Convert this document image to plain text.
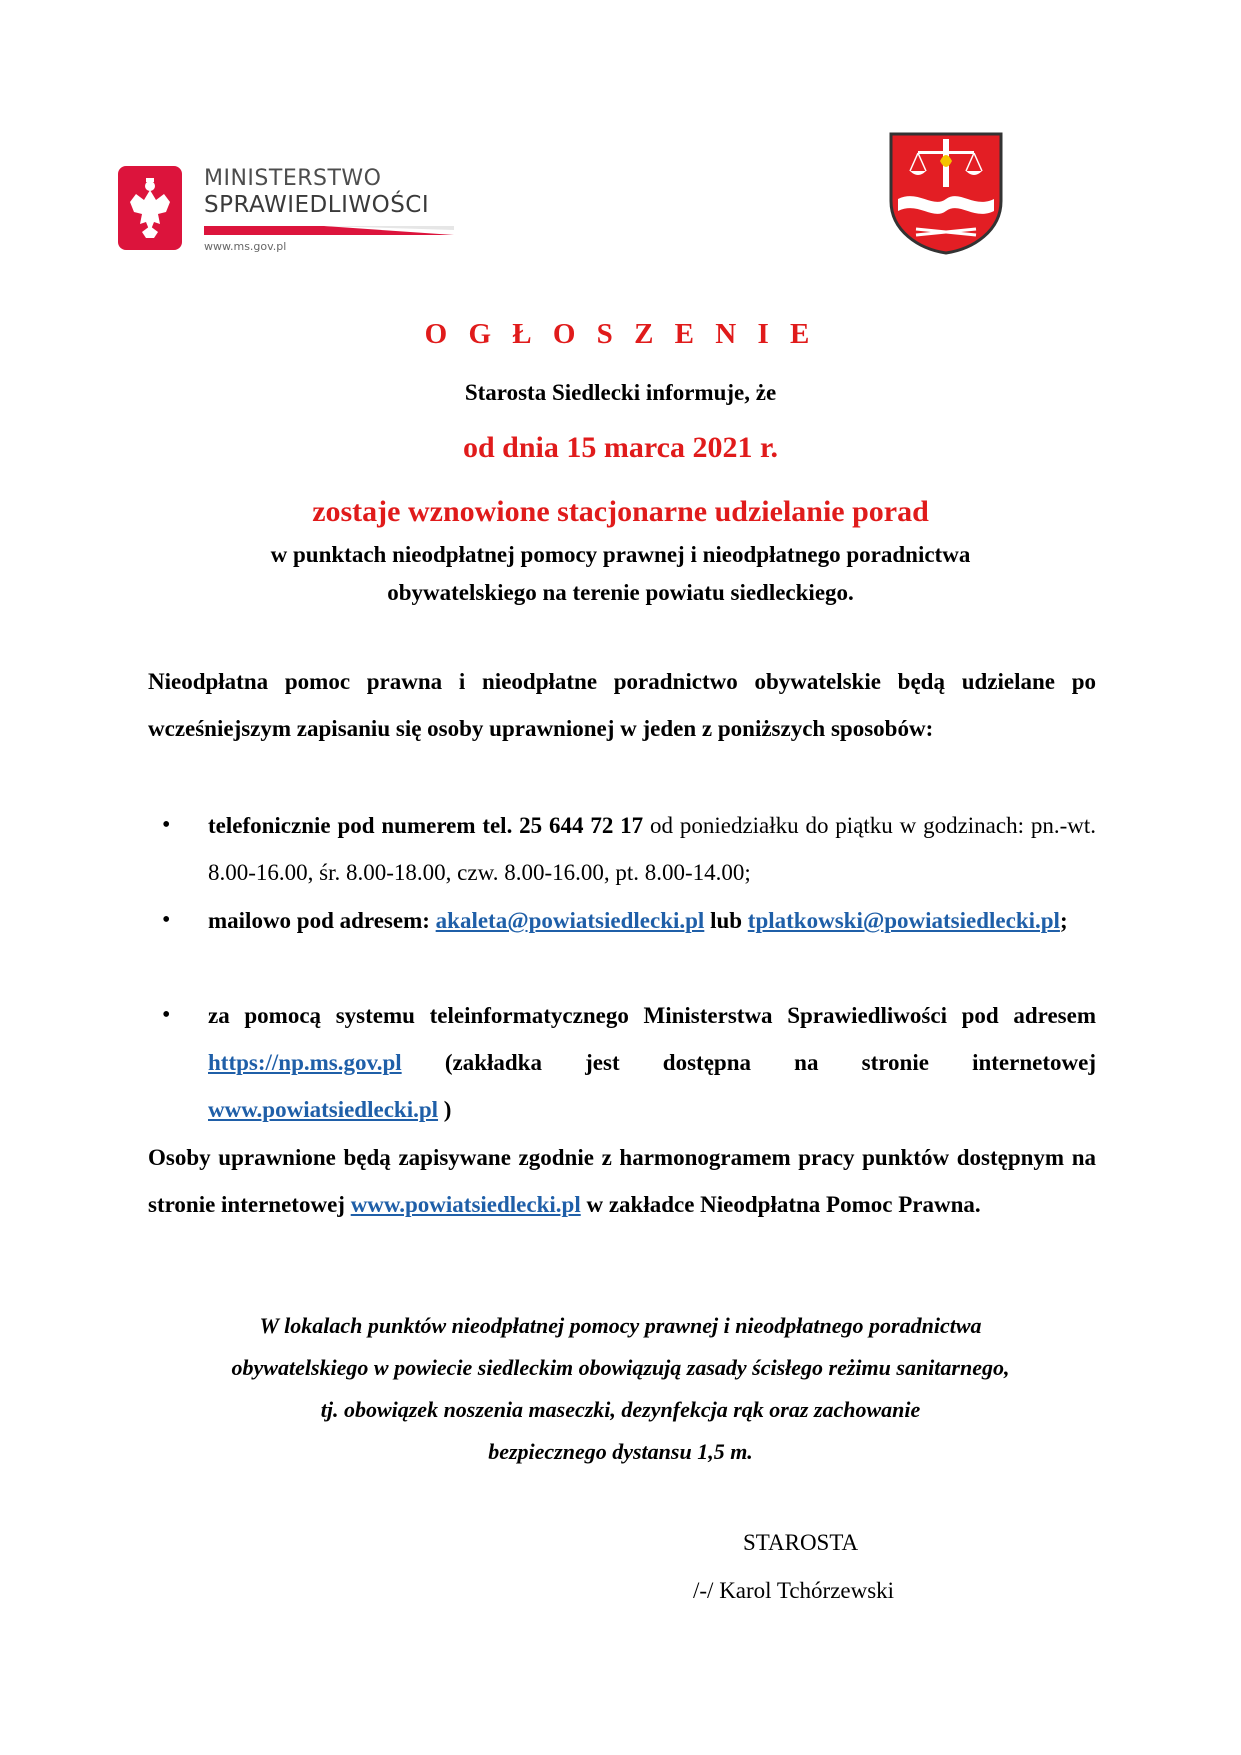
MINISTERSTWO
SPRAWIEDLIWOŚCI
www.ms.gov.pl
O G Ł O S Z E N I E
Starosta Siedlecki informuje, że
od dnia 15 marca 2021 r.
zostaje wznowione stacjonarne udzielanie porad
w punktach nieodpłatnej pomocy prawnej i nieodpłatnego poradnictwa
obywatelskiego na terenie powiatu siedleckiego.
Nieodpłatna pomoc prawna i nieodpłatne poradnictwo obywatelskie będą udzielane po wcześniejszym zapisaniu się osoby uprawnionej w jeden z poniższych sposobów:
• telefonicznie pod numerem tel. 25 644 72 17 od poniedziałku do piątku w godzinach: pn.-wt. 8.00-16.00, śr. 8.00-18.00, czw. 8.00-16.00, pt. 8.00-14.00;
• mailowo pod adresem: akaleta@powiatsiedlecki.pl lub tplatkowski@powiatsiedlecki.pl;
• za pomocą systemu teleinformatycznego Ministerstwa Sprawiedliwości pod adresem https://np.ms.gov.pl (zakładka jest dostępna na stronie internetowej www.powiatsiedlecki.pl )
Osoby uprawnione będą zapisywane zgodnie z harmonogramem pracy punktów dostępnym na stronie internetowej www.powiatsiedlecki.pl w zakładce Nieodpłatna Pomoc Prawna.
W lokalach punktów nieodpłatnej pomocy prawnej i nieodpłatnego poradnictwa
obywatelskiego w powiecie siedleckim obowiązują zasady ścisłego reżimu sanitarnego,
tj. obowiązek noszenia maseczki, dezynfekcja rąk oraz zachowanie
bezpiecznego dystansu 1,5 m.
STAROSTA
/-/ Karol Tchórzewski
